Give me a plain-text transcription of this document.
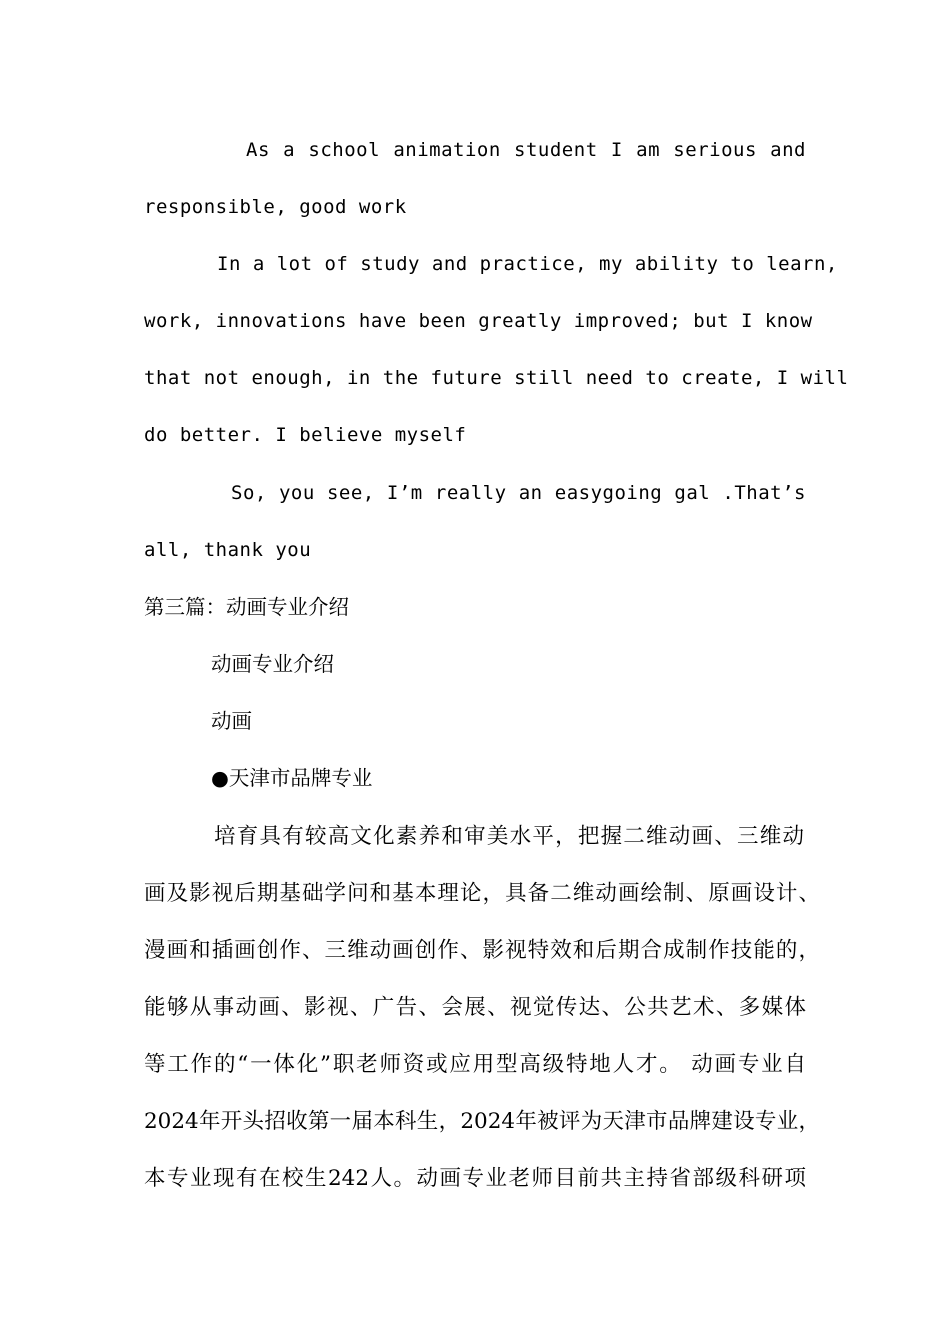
As a school animation student I am serious and
responsible, good work
In a lot of study and practice, my ability to learn,
work, innovations have been greatly improved; but I know
that not enough, in the future still need to create, I will
do better. I believe myself
So, you see, I’m really an easygoing gal .That’s
all, thank you
第三篇：动画专业介绍
动画专业介绍
动画
●天津市品牌专业
培育具有较高文化素养和审美水平，把握二维动画、三维动
画及影视后期基础学问和基本理论，具备二维动画绘制、原画设计、
漫画和插画创作、三维动画创作、影视特效和后期合成制作技能的，
能够从事动画、影视、广告、会展、视觉传达、公共艺术、多媒体
等工作的“一体化”职老师资或应用型高级特地人才。 动画专业自
2024年开头招收第一届本科生，2024年被评为天津市品牌建设专业，
本专业现有在校生242人。动画专业老师目前共主持省部级科研项
